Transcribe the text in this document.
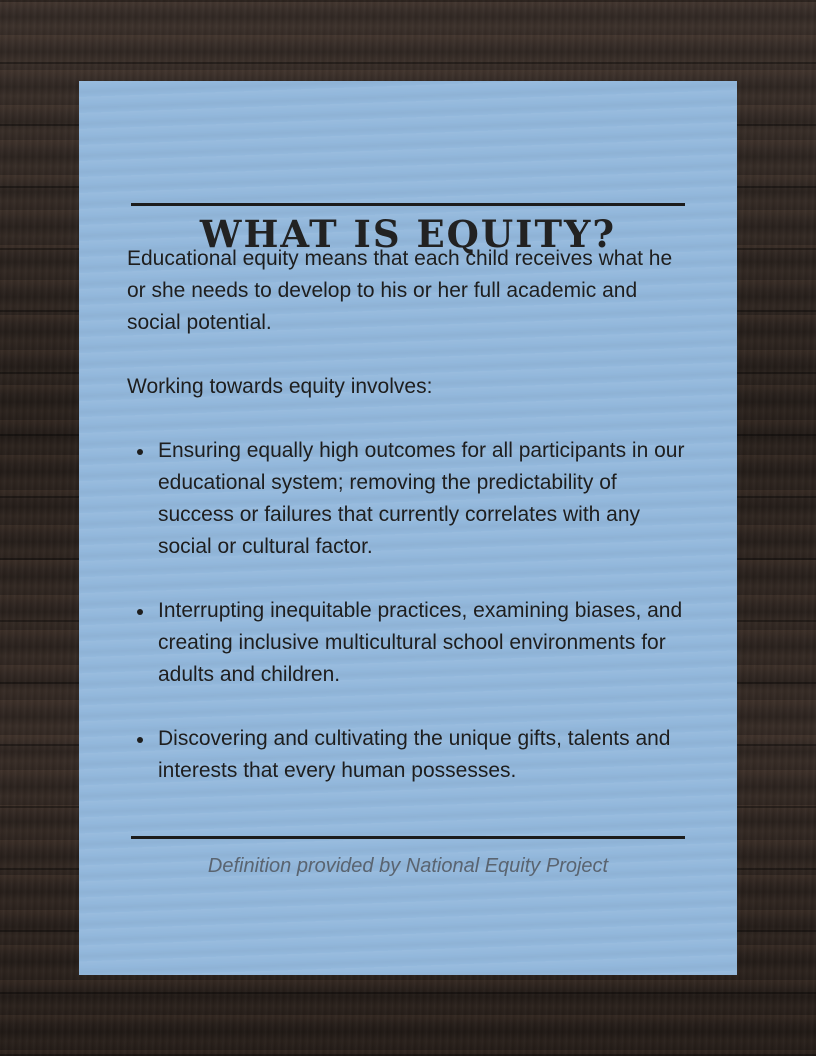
WHAT IS EQUITY?

Educational equity means that each child receives what he or she needs to develop to his or her full academic and social potential.

Working towards equity involves:

Ensuring equally high outcomes for all participants in our educational system; removing the predictability of success or failures that currently correlates with any social or cultural factor.
Interrupting inequitable practices, examining biases, and creating inclusive multicultural school environments for adults and children.
Discovering and cultivating the unique gifts, talents and interests that every human possesses.

Definition provided by National Equity Project
